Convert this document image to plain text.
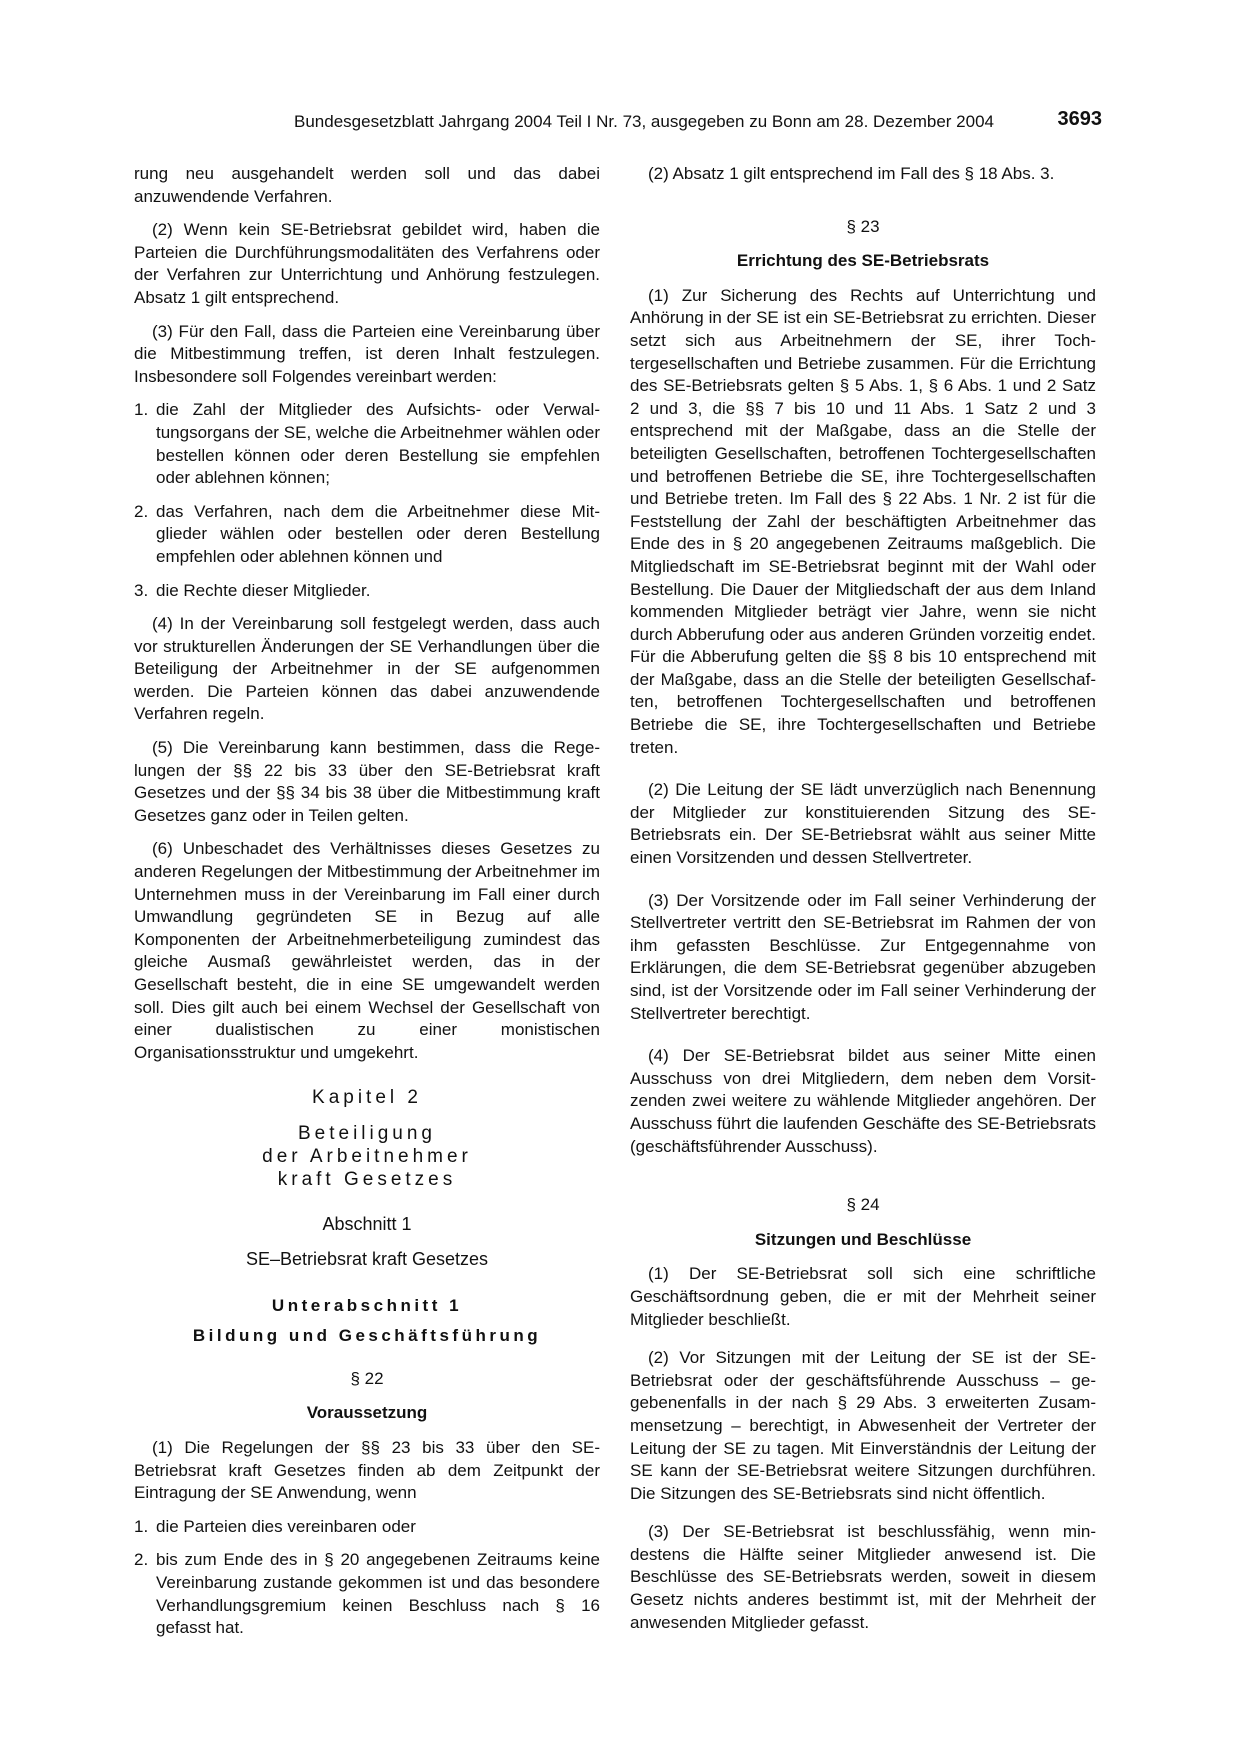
Bundesgesetzblatt Jahrgang 2004 Teil I Nr. 73, ausgegeben zu Bonn am 28. Dezember 2004	3693

rung neu ausgehandelt werden soll und das dabei anzuwendende Verfahren.

(2) Wenn kein SE-Betriebsrat gebildet wird, haben die Parteien die Durchführungsmodalitäten des Verfahrens oder der Verfahren zur Unterrichtung und Anhörung festzulegen. Absatz 1 gilt entsprechend.

(3) Für den Fall, dass die Parteien eine Vereinbarung über die Mitbestimmung treffen, ist deren Inhalt festzulegen. Insbesondere soll Folgendes vereinbart werden:

1. die Zahl der Mitglieder des Aufsichts- oder Verwaltungsorgans der SE, welche die Arbeitnehmer wählen oder bestellen können oder deren Bestellung sie empfehlen oder ablehnen können;
2. das Verfahren, nach dem die Arbeitnehmer diese Mitglieder wählen oder bestellen oder deren Bestellung empfehlen oder ablehnen können und
3. die Rechte dieser Mitglieder.

(4) In der Vereinbarung soll festgelegt werden, dass auch vor strukturellen Änderungen der SE Verhandlungen über die Beteiligung der Arbeitnehmer in der SE aufgenommen werden. Die Parteien können das dabei anzuwendende Verfahren regeln.

(5) Die Vereinbarung kann bestimmen, dass die Regelungen der §§ 22 bis 33 über den SE-Betriebsrat kraft Gesetzes und der §§ 34 bis 38 über die Mitbestimmung kraft Gesetzes ganz oder in Teilen gelten.

(6) Unbeschadet des Verhältnisses dieses Gesetzes zu anderen Regelungen der Mitbestimmung der Arbeitnehmer im Unternehmen muss in der Vereinbarung im Fall einer durch Umwandlung gegründeten SE in Bezug auf alle Komponenten der Arbeitnehmerbeteiligung zumindest das gleiche Ausmaß gewährleistet werden, das in der Gesellschaft besteht, die in eine SE umgewandelt werden soll. Dies gilt auch bei einem Wechsel der Gesellschaft von einer dualistischen zu einer monistischen Organisationsstruktur und umgekehrt.

Kapitel 2
Beteiligung
der Arbeitnehmer
kraft Gesetzes
Abschnitt 1
SE–Betriebsrat kraft Gesetzes
Unterabschnitt 1
Bildung und Geschäftsführung
§ 22
Voraussetzung

(1) Die Regelungen der §§ 23 bis 33 über den SE-Betriebsrat kraft Gesetzes finden ab dem Zeitpunkt der Eintragung der SE Anwendung, wenn

1. die Parteien dies vereinbaren oder
2. bis zum Ende des in § 20 angegebenen Zeitraums keine Vereinbarung zustande gekommen ist und das besondere Verhandlungsgremium keinen Beschluss nach § 16 gefasst hat.

(2) Absatz 1 gilt entsprechend im Fall des § 18 Abs. 3.

§ 23
Errichtung des SE-Betriebsrats

(1) Zur Sicherung des Rechts auf Unterrichtung und Anhörung in der SE ist ein SE-Betriebsrat zu errichten. Dieser setzt sich aus Arbeitnehmern der SE, ihrer Tochtergesellschaften und Betriebe zusammen. Für die Errichtung des SE-Betriebsrats gelten § 5 Abs. 1, § 6 Abs. 1 und 2 Satz 2 und 3, die §§ 7 bis 10 und 11 Abs. 1 Satz 2 und 3 entsprechend mit der Maßgabe, dass an die Stelle der beteiligten Gesellschaften, betroffenen Tochtergesellschaften und betroffenen Betriebe die SE, ihre Tochtergesellschaften und Betriebe treten. Im Fall des § 22 Abs. 1 Nr. 2 ist für die Feststellung der Zahl der beschäftigten Arbeitnehmer das Ende des in § 20 angegebenen Zeitraums maßgeblich. Die Mitgliedschaft im SE-Betriebsrat beginnt mit der Wahl oder Bestellung. Die Dauer der Mitgliedschaft der aus dem Inland kommenden Mitglieder beträgt vier Jahre, wenn sie nicht durch Abberufung oder aus anderen Gründen vorzeitig endet. Für die Abberufung gelten die §§ 8 bis 10 entsprechend mit der Maßgabe, dass an die Stelle der beteiligten Gesellschaften, betroffenen Tochtergesellschaften und betroffenen Betriebe die SE, ihre Tochtergesellschaften und Betriebe treten.

(2) Die Leitung der SE lädt unverzüglich nach Benennung der Mitglieder zur konstituierenden Sitzung des SE-Betriebsrats ein. Der SE-Betriebsrat wählt aus seiner Mitte einen Vorsitzenden und dessen Stellvertreter.

(3) Der Vorsitzende oder im Fall seiner Verhinderung der Stellvertreter vertritt den SE-Betriebsrat im Rahmen der von ihm gefassten Beschlüsse. Zur Entgegennahme von Erklärungen, die dem SE-Betriebsrat gegenüber abzugeben sind, ist der Vorsitzende oder im Fall seiner Verhinderung der Stellvertreter berechtigt.

(4) Der SE-Betriebsrat bildet aus seiner Mitte einen Ausschuss von drei Mitgliedern, dem neben dem Vorsitzenden zwei weitere zu wählende Mitglieder angehören. Der Ausschuss führt die laufenden Geschäfte des SE-Betriebsrats (geschäftsführender Ausschuss).

§ 24
Sitzungen und Beschlüsse

(1) Der SE-Betriebsrat soll sich eine schriftliche Geschäftsordnung geben, die er mit der Mehrheit seiner Mitglieder beschließt.

(2) Vor Sitzungen mit der Leitung der SE ist der SE-Betriebsrat oder der geschäftsführende Ausschuss – gegebenenfalls in der nach § 29 Abs. 3 erweiterten Zusammensetzung – berechtigt, in Abwesenheit der Vertreter der Leitung der SE zu tagen. Mit Einverständnis der Leitung der SE kann der SE-Betriebsrat weitere Sitzungen durchführen. Die Sitzungen des SE-Betriebsrats sind nicht öffentlich.

(3) Der SE-Betriebsrat ist beschlussfähig, wenn mindestens die Hälfte seiner Mitglieder anwesend ist. Die Beschlüsse des SE-Betriebsrats werden, soweit in diesem Gesetz nichts anderes bestimmt ist, mit der Mehrheit der anwesenden Mitglieder gefasst.
